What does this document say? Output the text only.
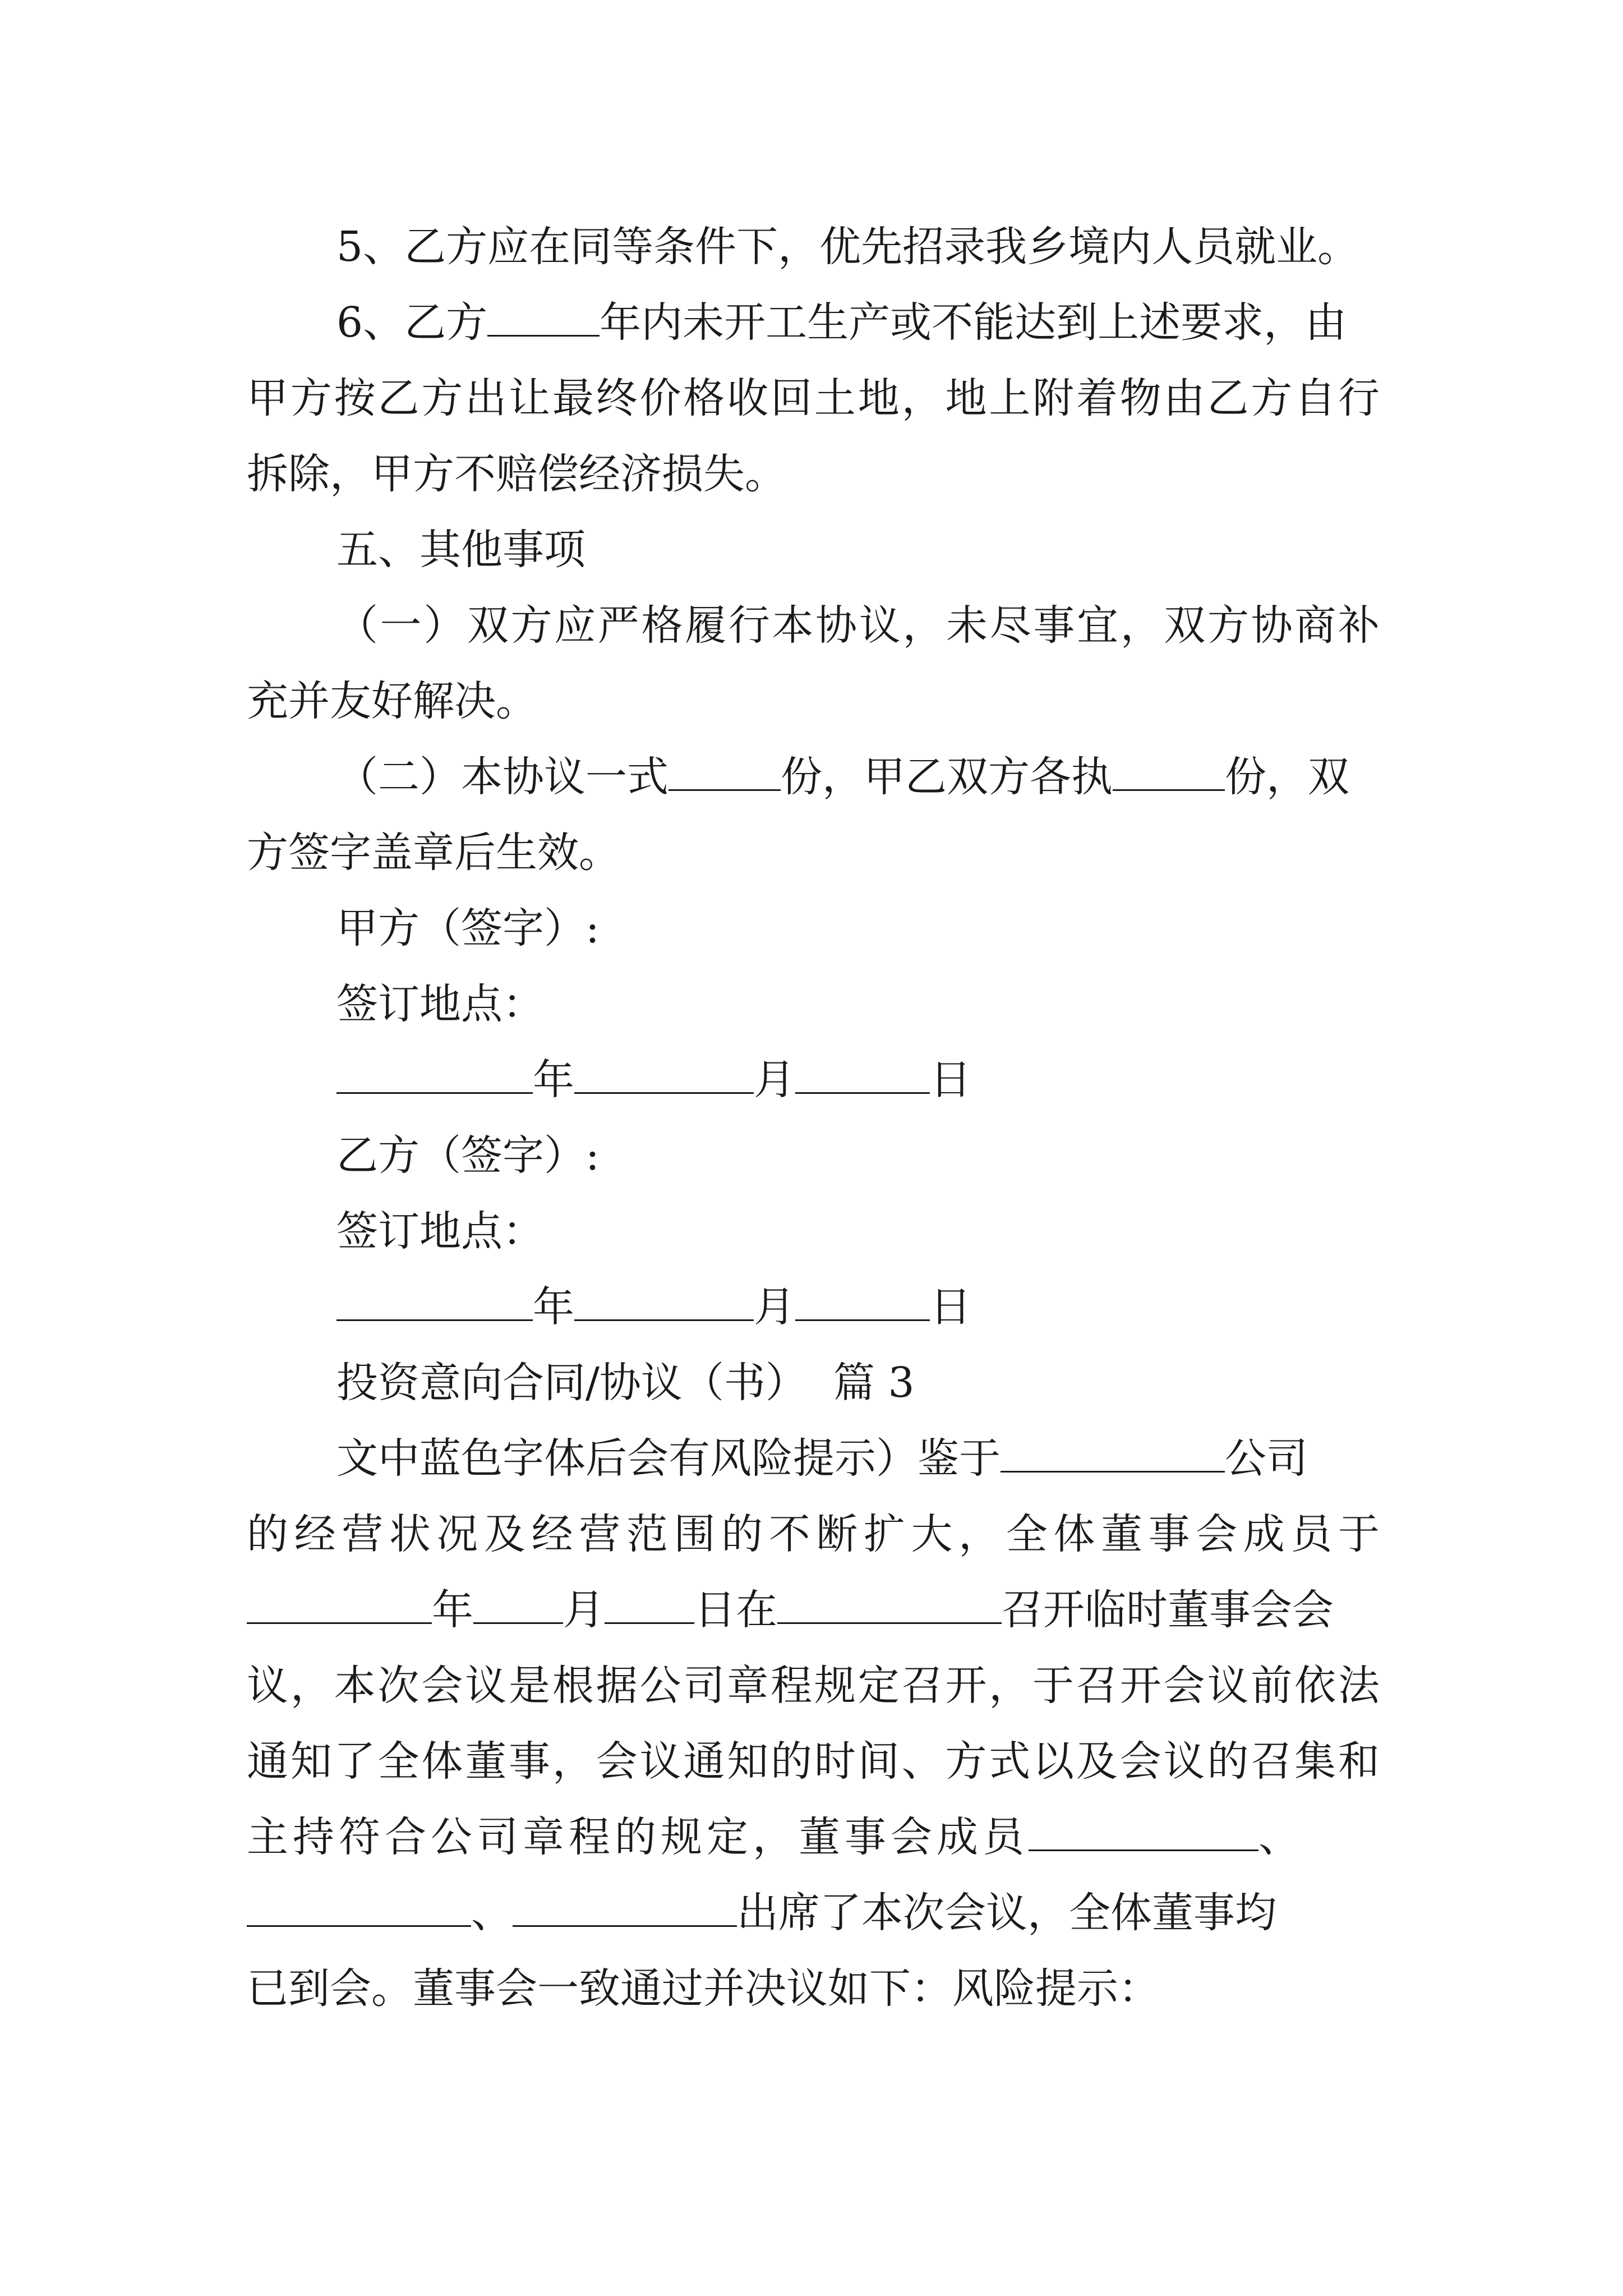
5、乙方应在同等条件下，优先招录我乡境内人员就业。
6、乙方	年内未开工生产或不能达到上述要求，由
甲方按乙方出让最终价格收回土地，地上附着物由乙方自行
拆除，甲方不赔偿经济损失。
五、其他事项
（一）双方应严格履行本协议，未尽事宜，双方协商补
充并友好解决。
（二）本协议一式	份，甲乙双方各执	份，双
方签字盖章后生效。
甲方（签字）:
签订地点：
年	月	日
乙方（签字）:
签订地点：
年	月	日
投资意向合同/协议（书）  篇 3
文中蓝色字体后会有风险提示）鉴于	公司
的经营状况及经营范围的不断扩大，全体董事会成员于
年 月 日在	召开临时董事会会
议，本次会议是根据公司章程规定召开，于召开会议前依法
通知了全体董事，会议通知的时间、方式以及会议的召集和
主持符合公司章程的规定，董事会成员	、
、	出席了本次会议，全体董事均
已到会。董事会一致通过并决议如下：风险提示：
